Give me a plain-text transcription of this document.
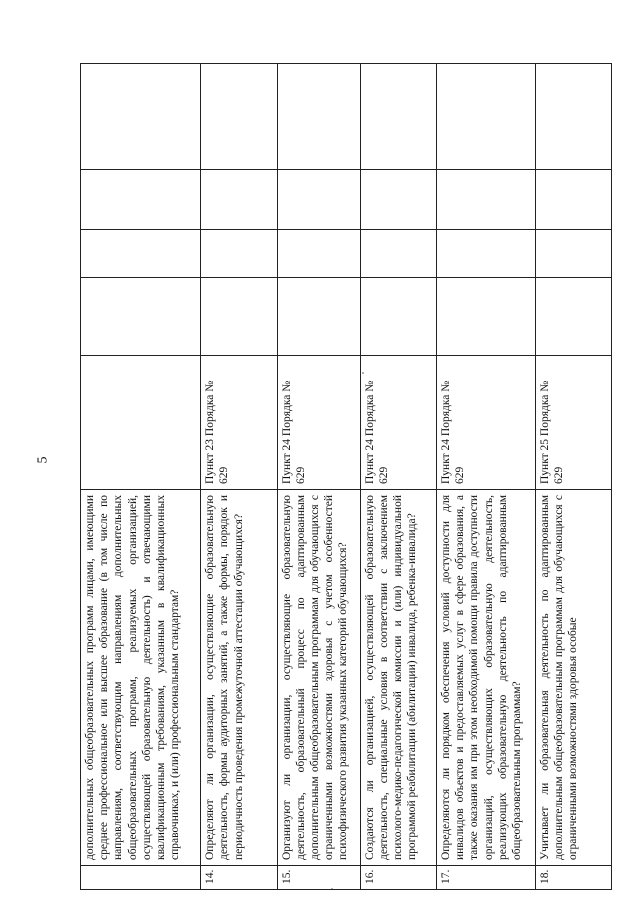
5
	дополнительных общеобразовательных программ лицами, имеющими среднее профессиональное или высшее образование (в том числе по направлениям, соответствующим направлениям дополнительных общеобразовательных программ, реализуемых организацией, осуществляющей образовательную деятельность) и отвечающими квалификационным требованиям, указанным в квалификационных справочниках, и (или) профессиональным стандартам?					
14.	Определяют ли организации, осуществляющие образовательную деятельность, формы аудиторных занятий, а также формы, порядок и периодичность проведения промежуточной аттестации обучающихся?	Пункт 23 Порядка № 629				
15.	Организуют ли организации, осуществляющие образовательную деятельность, образовательный процесс по адаптированным дополнительным общеобразовательным программам для обучающихся с ограниченными возможностями здоровья с учетом особенностей психофизического развития указанных категорий обучающихся?	Пункт 24 Порядка № 629				
16.	Создаются ли организацией, осуществляющей образовательную деятельность, специальные условия в соответствии с заключением психолого-медико-педагогической комиссии и (или) индивидуальной программой реабилитации (абилитации) инвалида, ребенка-инвалида?	Пункт 24 Порядка № 629				
17.	Определяются ли порядком обеспечения условий доступности для инвалидов объектов и предоставляемых услуг в сфере образования, а также оказания им при этом необходимой помощи правила доступности организаций, осуществляющих образовательную деятельность, реализующих образовательную деятельность по адаптированным общеобразовательным программам?	Пункт 24 Порядка № 629				
18.	Учитывает ли образовательная деятельность по адаптированным дополнительным общеобразовательным программам для обучающихся с ограниченными возможностями здоровья особые	Пункт 25 Порядка № 629				
